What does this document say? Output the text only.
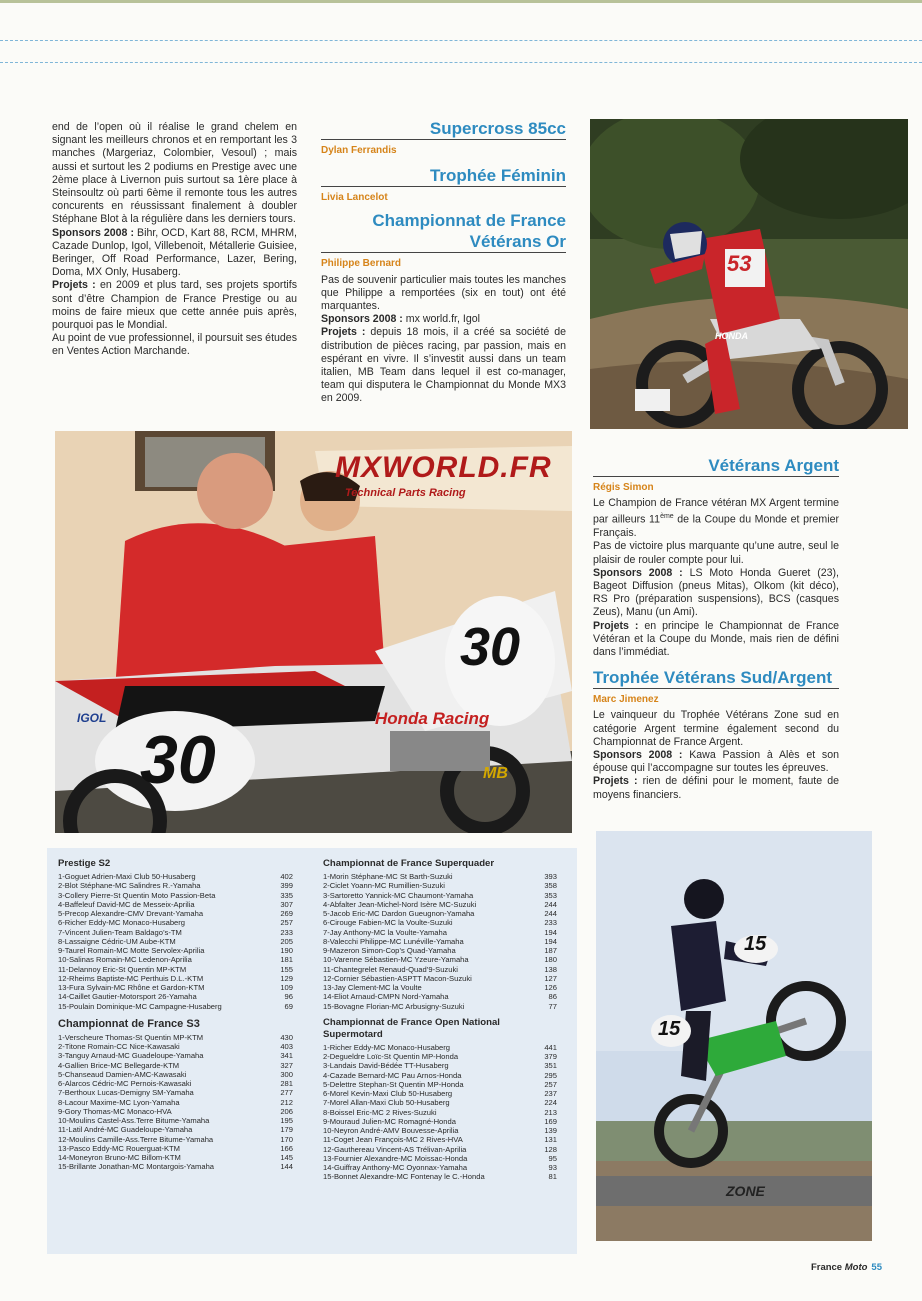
end de l’open où il réalise le grand chelem en signant les meilleurs chronos et en remportant les 3 manches (Margeriaz, Colombier, Vesoul) ; mais aussi et surtout les 2 podiums en Prestige avec une 2ème place à Livernon puis surtout sa 1ère place à Steinsoultz où parti 6ème il remonte tous les autres concurents en réussissant finalement à doubler Stéphane Blot à la régulière dans les derniers tours.

Sponsors 2008 : Bihr, OCD, Kart 88, RCM, MHRM, Cazade Dunlop, Igol, Villebenoit, Métallerie Guisiee, Beringer, Off Road Performance, Lazer, Bering, Doma, MX Only, Husaberg.

Projets : en 2009 et plus tard, ses projets sportifs sont d’être Champion de France Prestige ou au moins de faire mieux que cette année puis après, pourquoi pas le Mondial.

Au point de vue professionnel, il poursuit ses études en Ventes Action Marchande.

Supercross 85cc
Dylan Ferrandis
Trophée Féminin
Livia Lancelot
Championnat de France
Vétérans Or
Philippe Bernard

Pas de souvenir particulier mais toutes les manches que Philippe a remportées (six en tout) ont été marquantes.

Sponsors 2008 : mx world.fr, Igol

Projets : depuis 18 mois, il a créé sa société de distribution de pièces racing, par passion, mais en espérant en vivre. Il s’investit aussi dans un team italien, MB Team dans lequel il est co-manager, team qui disputera le Championnat du Monde MX3 en 2009.

53
HONDA
Vétérans Argent
Régis Simon

Le Champion de France vétéran MX Argent termine par ailleurs 11ème de la Coupe du Monde et premier Français.

Pas de victoire plus marquante qu’une autre, seul le plaisir de rouler compte pour lui.

Sponsors 2008 : LS Moto Honda Gueret (23), Bageot Diffusion (pneus Mitas), Olkom (kit déco), RS Pro (préparation suspensions), BCS (casques Zeus), Manu (un Ami).

Projets : en principe le Championnat de France Vétéran et la Coupe du Monde, mais rien de défini dans l’immédiat.

Trophée Vétérans Sud/Argent
Marc Jimenez

Le vainqueur du Trophée Vétérans Zone sud en catégorie Argent termine également second du Championnat de France Argent.

Sponsors 2008 : Kawa Passion à Alès et son épouse qui l’accompagne sur toutes les épreuves.

Projets : rien de défini pour le moment, faute de moyens financiers.

MXWORLD.FR
Technical Parts Racing
30
30
Honda Racing
IGOL
MB
Prestige S2
1-Goguet Adrien-Maxi Club 50-Husaberg	402
2-Blot Stéphane-MC Salindres R.-Yamaha	399
3-Collery Pierre-St Quentin Moto Passion-Beta	335
4-Baffeleuf David-MC de Messeix-Aprilia	307
5-Precop Alexandre-CMV Drevant-Yamaha	269
6-Richer Eddy-MC Monaco-Husaberg	257
7-Vincent Julien-Team Baldago’s-TM	233
8-Lassaigne Cédric-UM Aube-KTM	205
9-Taurel Romain-MC Motte Servolex-Aprilia	190
10-Salinas Romain-MC Ledenon-Aprilia	181
11-Delannoy Eric-St Quentin MP-KTM	155
12-Rheims Baptiste-MC Perthuis D.L.-KTM	129
13-Fura Sylvain-MC Rhône et Gardon-KTM	109
14-Caillet Gautier-Motorsport 26-Yamaha	96
15-Poulain Dominique-MC Campagne-Husaberg	69
Championnat de France S3
1-Verscheure Thomas-St Quentin MP-KTM	430
2-Titone Romain-CC Nice-Kawasaki	403
3-Tanguy Arnaud-MC Guadeloupe-Yamaha	341
4-Gallien Brice-MC Bellegarde-KTM	327
5-Chanseaud Damien-AMC-Kawasaki	300
6-Alarcos Cédric-MC Pernois-Kawasaki	281
7-Berthoux Lucas-Demigny SM-Yamaha	277
8-Lacour Maxime-MC Lyon-Yamaha	212
9-Gory Thomas-MC Monaco-HVA	206
10-Moulins Castel-Ass.Terre Bitume-Yamaha	195
11-Latil André-MC Guadeloupe-Yamaha	179
12-Moulins Camille-Ass.Terre Bitume-Yamaha	170
13-Pasco Eddy-MC Rouerguat-KTM	166
14-Moneyron Bruno-MC Billom-KTM	145
15-Brillante Jonathan-MC Montargois-Yamaha	144
Championnat de France Superquader
1-Morin Stéphane-MC St Barth-Suzuki	393
2-Ciclet Yoann-MC Rumillien-Suzuki	358
3-Sartoretto Yannick-MC Chaumont-Yamaha	353
4-Abfalter Jean-Michel-Nord Isère MC-Suzuki	244
5-Jacob Eric-MC Dardon Gueugnon-Yamaha	244
6-Cirouge Fabien-MC la Voulte-Suzuki	233
7-Jay Anthony-MC la Voulte-Yamaha	194
8-Valecchi Philippe-MC Lunéville-Yamaha	194
9-Mazeron Simon-Cop’s Quad-Yamaha	187
10-Varenne Sébastien-MC Yzeure-Yamaha	180
11-Chantegrelet Renaud-Quad’9-Suzuki	138
12-Cornier Sébastien-ASPTT Macon-Suzuki	127
13-Jay Clement-MC la Voulte	126
14-Eliot Arnaud-CMPN Nord-Yamaha	86
15-Bovagne Florian-MC Arbusigny-Suzuki	77
Championnat de France Open National
Supermotard
1-Richer Eddy-MC Monaco-Husaberg	441
2-Degueldre Loïc-St Quentin MP-Honda	379
3-Landais David-Bédée TT-Husaberg	351
4-Cazade Bernard-MC Pau Arnos-Honda	295
5-Delettre Stephan-St Quentin MP-Honda	257
6-Morel Kevin-Maxi Club 50-Husaberg	237
7-Morel Allan-Maxi Club 50-Husaberg	224
8-Boissel Eric-MC 2 Rives-Suzuki	213
9-Mouraud Julien-MC Romagné-Honda	169
10-Neyron André-AMV Bouvesse-Aprilia	139
11-Coget Jean François-MC 2 Rives-HVA	131
12-Gauthereau Vincent-AS Trélivan-Aprilia	128
13-Fournier Alexandre-MC Moissac-Honda	95
14-Guiffray Anthony-MC Oyonnax-Yamaha	93
15-Bonnet Alexandre-MC Fontenay le C.-Honda	81
15
15
ZONE
France Moto 55
